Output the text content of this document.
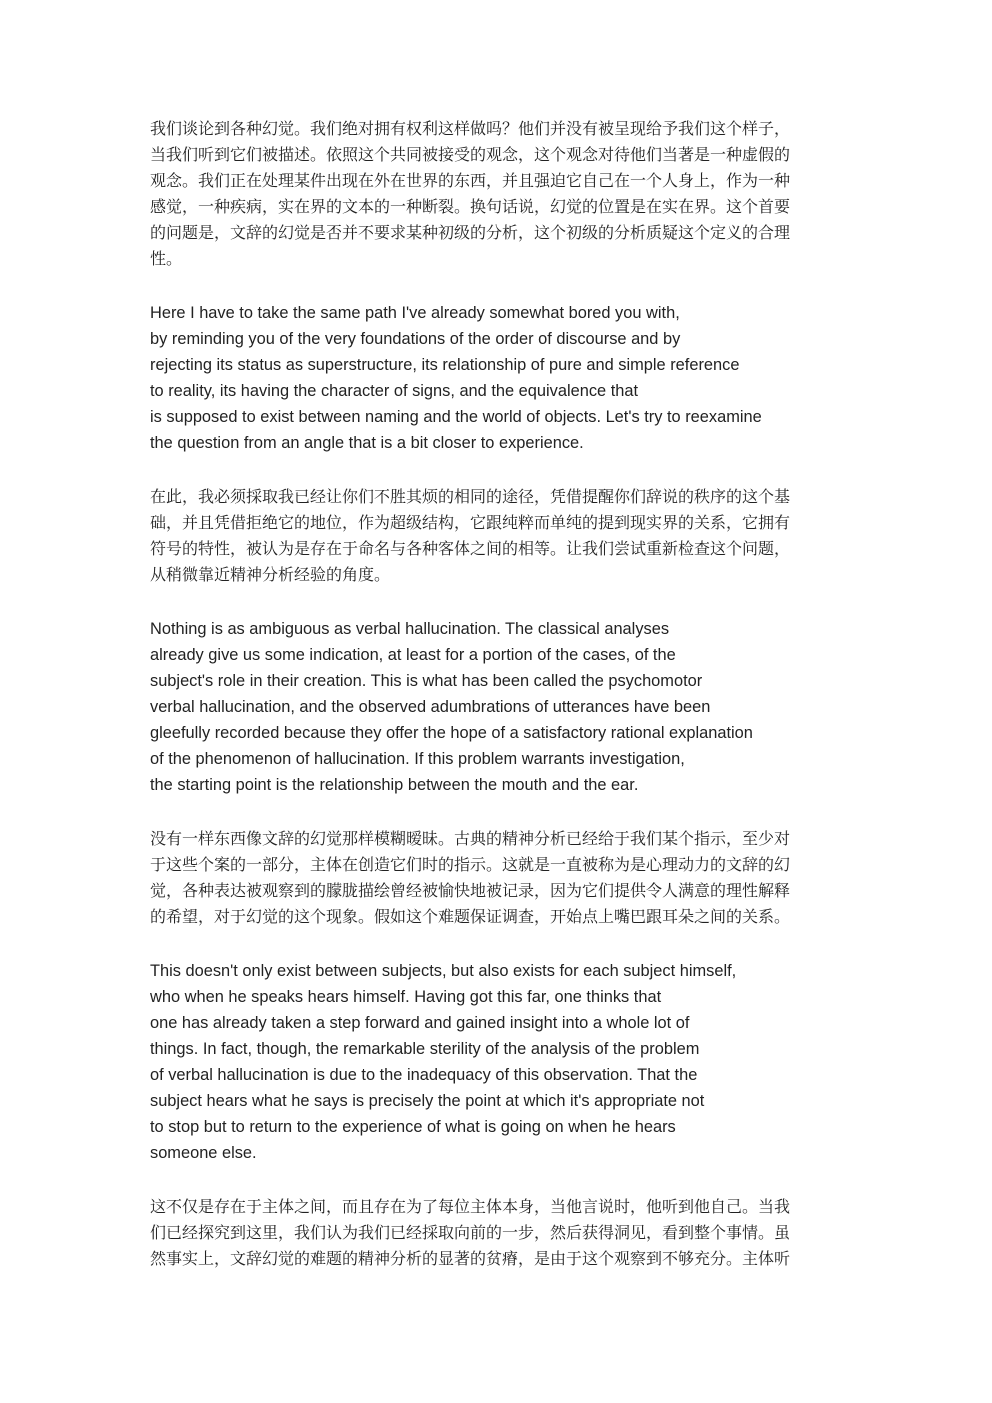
我们谈论到各种幻觉。我们绝对拥有权利这样做吗？他们并没有被呈现给予我们这个样子，
当我们听到它们被描述。依照这个共同被接受的观念，这个观念对待他们当著是一种虚假的
观念。我们正在处理某件出现在外在世界的东西，并且强迫它自己在一个人身上，作为一种
感觉，一种疾病，实在界的文本的一种断裂。换句话说，幻觉的位置是在实在界。这个首要
的问题是，文辞的幻觉是否并不要求某种初级的分析，这个初级的分析质疑这个定义的合理
性。

Here I have to take the same path I've already somewhat bored you with,
by reminding you of the very foundations of the order of discourse and by
rejecting its status as superstructure, its relationship of pure and simple reference
to reality, its having the character of signs, and the equivalence that
is supposed to exist between naming and the world of objects. Let's try to reexamine
the question from an angle that is a bit closer to experience.

在此，我必须採取我已经让你们不胜其烦的相同的途径，凭借提醒你们辞说的秩序的这个基
础，并且凭借拒绝它的地位，作为超级结构，它跟纯粹而单纯的提到现实界的关系，它拥有
符号的特性，被认为是存在于命名与各种客体之间的相等。让我们尝试重新检查这个问题，
从稍微靠近精神分析经验的角度。

Nothing is as ambiguous as verbal hallucination. The classical analyses
already give us some indication, at least for a portion of the cases, of the
subject's role in their creation. This is what has been called the psychomotor
verbal hallucination, and the observed adumbrations of utterances have been
gleefully recorded because they offer the hope of a satisfactory rational explanation
of the phenomenon of hallucination. If this problem warrants investigation,
the starting point is the relationship between the mouth and the ear.

没有一样东西像文辞的幻觉那样模糊暧昧。古典的精神分析已经给于我们某个指示，至少对
于这些个案的一部分，主体在创造它们时的指示。这就是一直被称为是心理动力的文辞的幻
觉，各种表达被观察到的朦胧描绘曾经被愉快地被记录，因为它们提供令人满意的理性解释
的希望，对于幻觉的这个现象。假如这个难题保证调查，开始点上嘴巴跟耳朵之间的关系。

This doesn't only exist between subjects, but also exists for each subject himself,
who when he speaks hears himself. Having got this far, one thinks that
one has already taken a step forward and gained insight into a whole lot of
things. In fact, though, the remarkable sterility of the analysis of the problem
of verbal hallucination is due to the inadequacy of this observation. That the
subject hears what he says is precisely the point at which it's appropriate not
to stop but to return to the experience of what is going on when he hears
someone else.

这不仅是存在于主体之间，而且存在为了每位主体本身，当他言说时，他听到他自己。当我
们已经探究到这里，我们认为我们已经採取向前的一步，然后获得洞见，看到整个事情。虽
然事实上，文辞幻觉的难题的精神分析的显著的贫瘠，是由于这个观察到不够充分。主体听
